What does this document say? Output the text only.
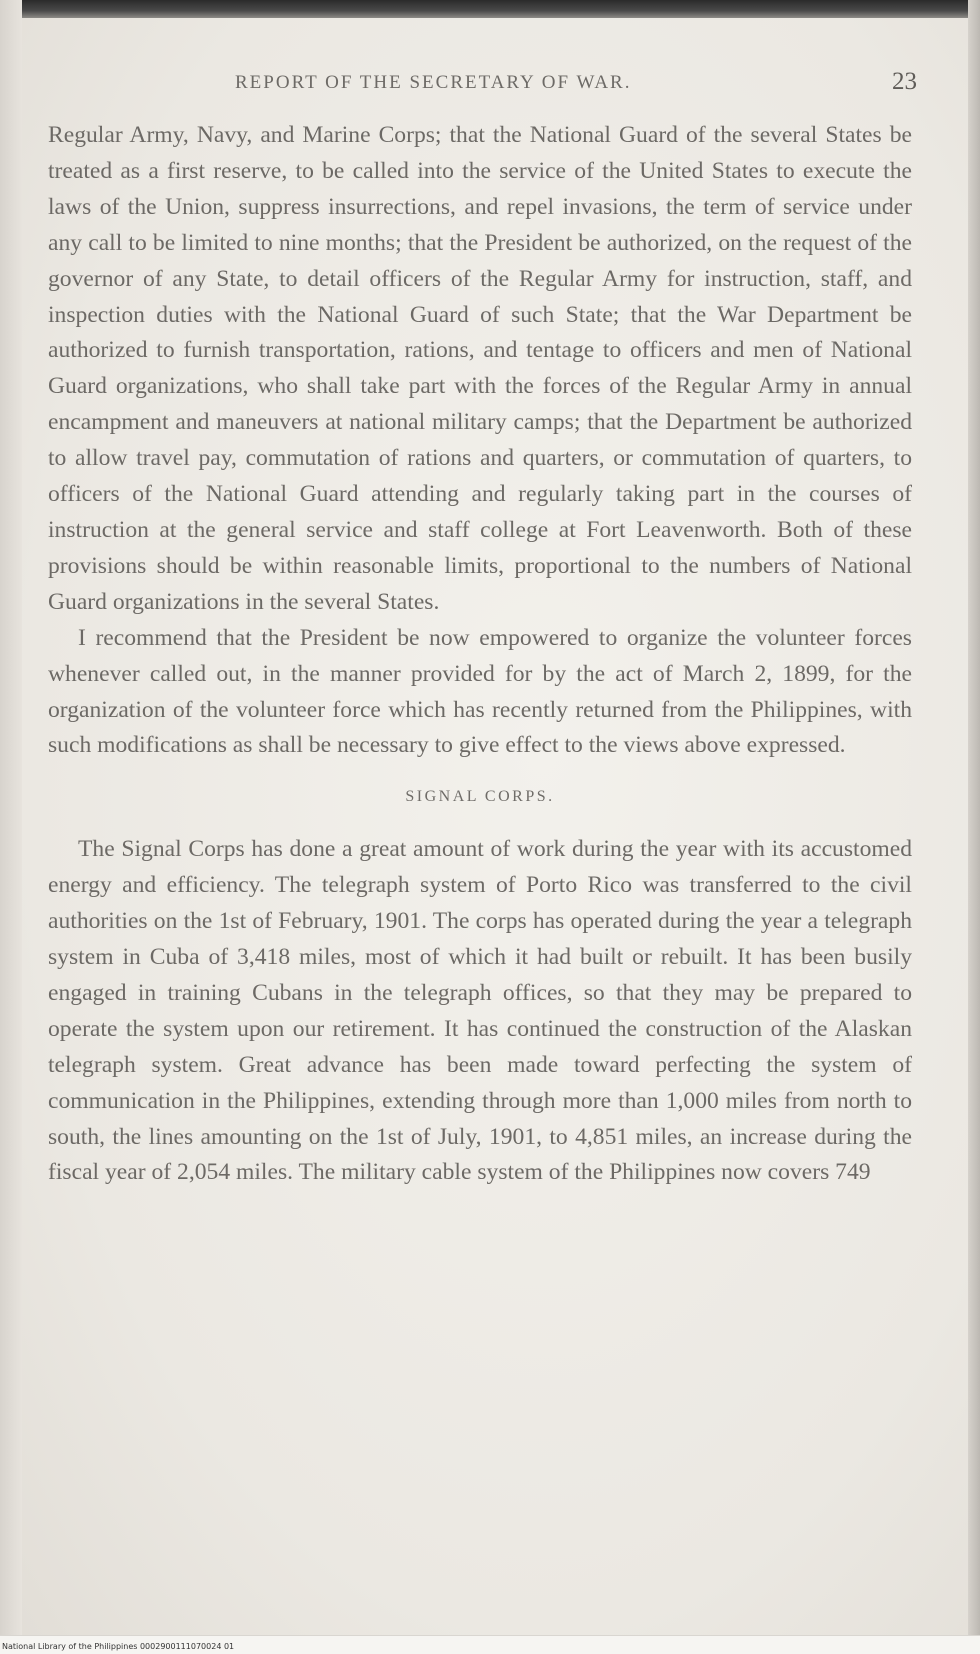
REPORT OF THE SECRETARY OF WAR.	23

Regular Army, Navy, and Marine Corps; that the National Guard of the several States be treated as a first reserve, to be called into the service of the United States to execute the laws of the Union, suppress insurrections, and repel invasions, the term of service under any call to be limited to nine months; that the President be authorized, on the request of the governor of any State, to detail officers of the Regular Army for instruction, staff, and inspection duties with the National Guard of such State; that the War Department be authorized to furnish transportation, rations, and tentage to officers and men of National Guard organizations, who shall take part with the forces of the Regular Army in annual encampment and maneuvers at national military camps; that the Department be authorized to allow travel pay, commutation of rations and quarters, or commutation of quarters, to officers of the National Guard attending and regularly taking part in the courses of instruction at the general service and staff college at Fort Leavenworth. Both of these provisions should be within reasonable limits, proportional to the numbers of National Guard organizations in the several States.

I recommend that the President be now empowered to organize the volunteer forces whenever called out, in the manner provided for by the act of March 2, 1899, for the organization of the volunteer force which has recently returned from the Philippines, with such modifications as shall be necessary to give effect to the views above expressed.

SIGNAL CORPS.

The Signal Corps has done a great amount of work during the year with its accustomed energy and efficiency. The telegraph system of Porto Rico was transferred to the civil authorities on the 1st of February, 1901. The corps has operated during the year a telegraph system in Cuba of 3,418 miles, most of which it had built or rebuilt. It has been busily engaged in training Cubans in the telegraph offices, so that they may be prepared to operate the system upon our retirement. It has continued the construction of the Alaskan telegraph system. Great advance has been made toward perfecting the system of communication in the Philippines, extending through more than 1,000 miles from north to south, the lines amounting on the 1st of July, 1901, to 4,851 miles, an increase during the fiscal year of 2,054 miles. The military cable system of the Philippines now covers 749

National Library of the Philippines 0002900111070024 01
